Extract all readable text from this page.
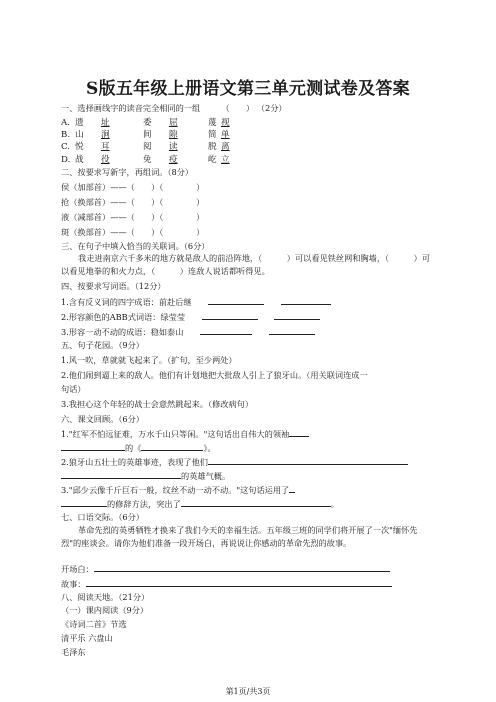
S版五年级上册语文第三单元测试卷及答案
一、选择画线字的读音完全相同的一组	（　　） （2分）
A. 遗 址	委 屈	蔑 视
B. 山 涧	间 隙	简 单
C. 悦 耳	阅 读	脱 离
D. 战 役	免 疫	屹 立
二、按要求写新字，再组词。（8分）
侯（加部首）——（　　）（　　　　）
抢（换部首）——（　　）（　　　　）
液（减部首）——（　　）（　　　　）
斑（换部首）——（　　）（　　　　）
三、在句子中填入恰当的关联词。（6分）
我走进南京六千多米的地方就是敌人的前沿阵地，（　　　）可以看见铁丝网和胸墙，（　　　）可以看见地拳的和火力点，（　　　）连敌人说话都听得见。
四、按要求写词语。（12分）
1.含有反义词的四字成语：前赴后继
2.形容颜色的ABB式词语：绿莹莹
3.形容一动不动的成语：稳如泰山
五、句子花园。（9分）
1.风一吹，草就就飞起来了。（扩句，至少两处）
2.他们闹到逼上来的敌人。他们有计划地把大批敌人引上了狼牙山。（用关联词连成一
句话）
3.我担心这个年轻的战士会意然跳起来。（修改病句）
六、课文回顾。（6分）
1."红军不怕远征难，万水千山只等闲。"这句话出自伟大的领袖
的《	》。
2.狼牙山五壮士的英雄事迹，表现了他们
的英雄气概。
3."邱少云像千斤巨石一般，纹丝不动一动不动。"这句话运用了
的修辞方法，突出了	。
七、口语交际。（6分）
革命先烈的英勇牺牲才换来了我们今天的幸福生活。五年级三班的同学们将开展了一次"缅怀先烈"的座谈会。请你为他们准备一段开场白，再说说让你感动的革命先烈的故事。
开场白：
故事：
八、阅读天地。（21分）
（一）课内阅读（9分）
《诗词二首》节选
清平乐 六盘山
毛泽东
第1页/共3页
